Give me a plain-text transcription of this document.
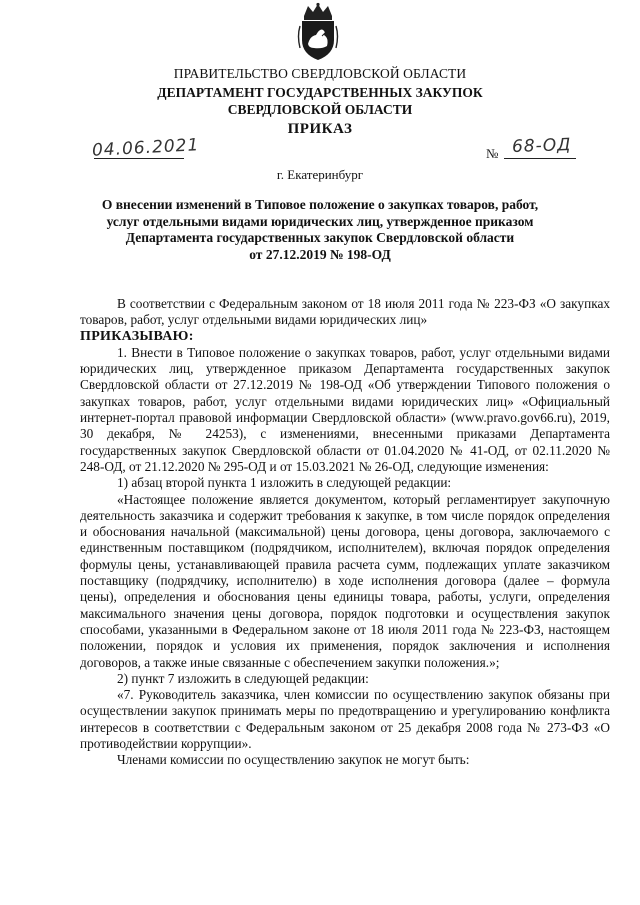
ПРАВИТЕЛЬСТВО СВЕРДЛОВСКОЙ ОБЛАСТИ

ДЕПАРТАМЕНТ ГОСУДАРСТВЕННЫХ ЗАКУПОК
СВЕРДЛОВСКОЙ ОБЛАСТИ

ПРИКАЗ

04.06.2021	№ 68-ОД

г. Екатеринбург

О внесении изменений в Типовое положение о закупках товаров, работ,
услуг отдельными видами юридических лиц, утвержденное приказом
Департамента государственных закупок Свердловской области
от 27.12.2019 № 198-ОД

В соответствии с Федеральным законом от 18 июля 2011 года № 223-ФЗ «О закупках товаров, работ, услуг отдельными видами юридических лиц»

ПРИКАЗЫВАЮ:

1. Внести в Типовое положение о закупках товаров, работ, услуг отдельными видами юридических лиц, утвержденное приказом Департамента государственных закупок Свердловской области от 27.12.2019 № 198-ОД «Об утверждении Типового положения о закупках товаров, работ, услуг отдельными видами юридических лиц» «Официальный интернет-портал правовой информации Свердловской области» (www.pravo.gov66.ru), 2019, 30 декабря, № 24253), с изменениями, внесенными приказами Департамента государственных закупок Свердловской области от 01.04.2020 № 41-ОД, от 02.11.2020 № 248-ОД, от 21.12.2020 № 295-ОД и от 15.03.2021 № 26-ОД, следующие изменения:

1) абзац второй пункта 1 изложить в следующей редакции:

«Настоящее положение является документом, который регламентирует закупочную деятельность заказчика и содержит требования к закупке, в том числе порядок определения и обоснования начальной (максимальной) цены договора, цены договора, заключаемого с единственным поставщиком (подрядчиком, исполнителем), включая порядок определения формулы цены, устанавливающей правила расчета сумм, подлежащих уплате заказчиком поставщику (подрядчику, исполнителю) в ходе исполнения договора (далее – формула цены), определения и обоснования цены единицы товара, работы, услуги, определения максимального значения цены договора, порядок подготовки и осуществления закупок способами, указанными в Федеральном законе от 18 июля 2011 года № 223-ФЗ, настоящем положении, порядок и условия их применения, порядок заключения и исполнения договоров, а также иные связанные с обеспечением закупки положения.»;

2) пункт 7 изложить в следующей редакции:

«7. Руководитель заказчика, член комиссии по осуществлению закупок обязаны при осуществлении закупок принимать меры по предотвращению и урегулированию конфликта интересов в соответствии с Федеральным законом от 25 декабря 2008 года № 273-ФЗ «О противодействии коррупции».

Членами комиссии по осуществлению закупок не могут быть:
